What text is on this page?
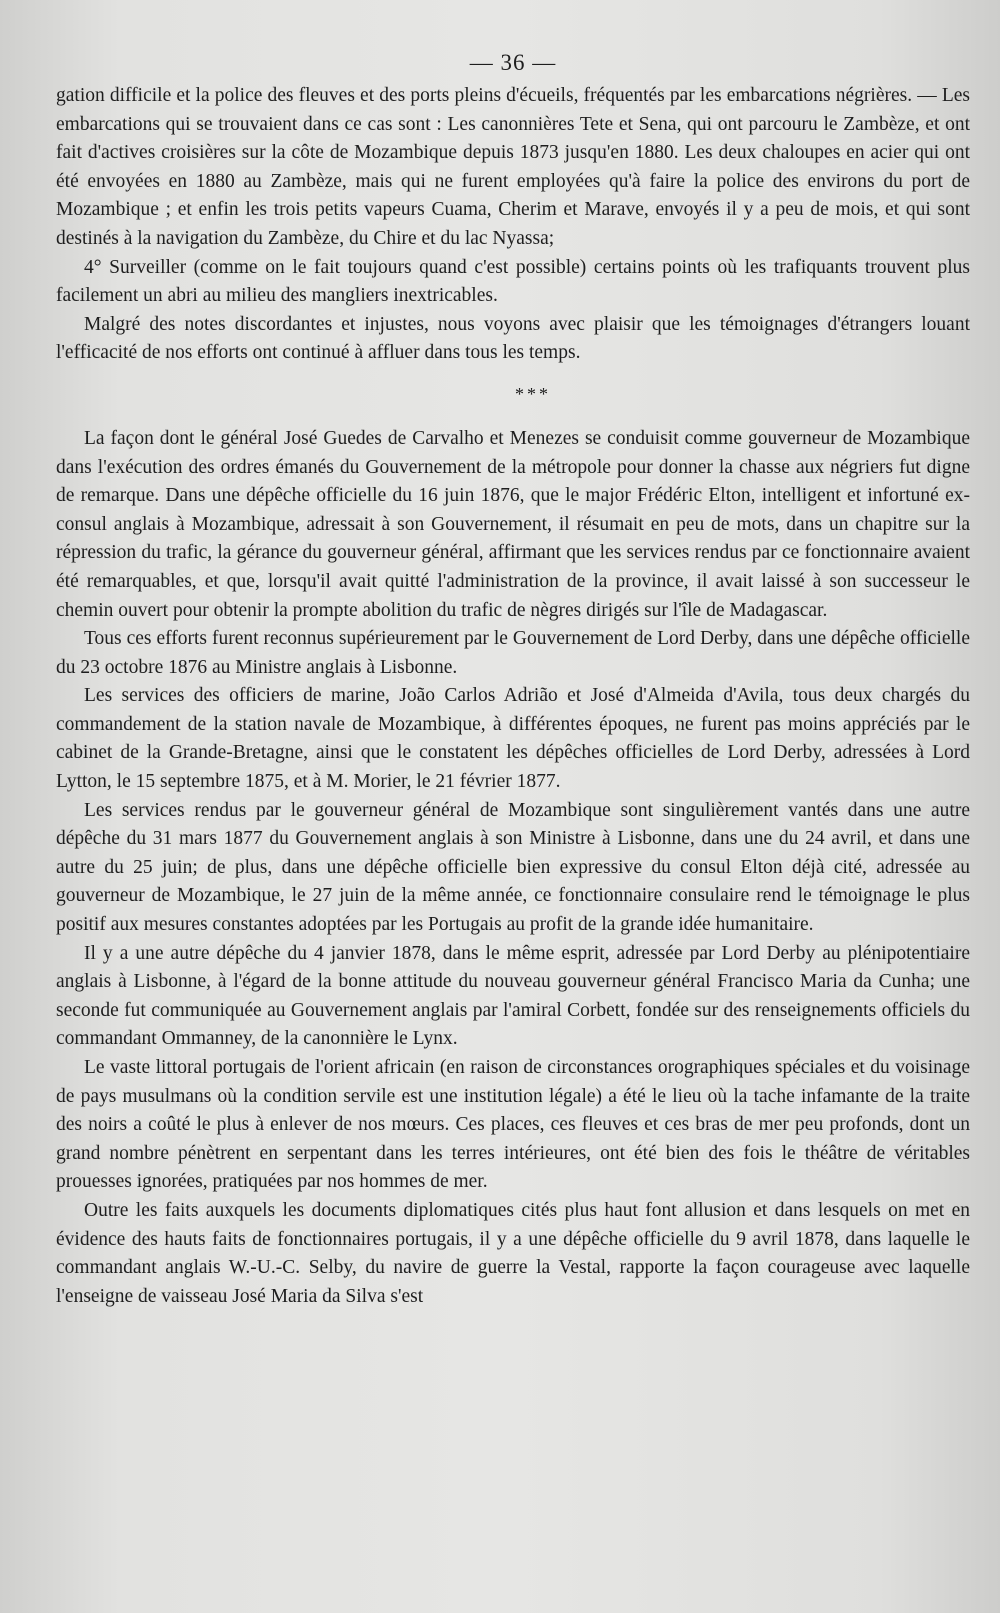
— 36 —

gation difficile et la police des fleuves et des ports pleins d'écueils, fréquentés par les embarcations négrières. — Les embarcations qui se trouvaient dans ce cas sont : Les canonnières Tete et Sena, qui ont parcouru le Zambèze, et ont fait d'actives croisières sur la côte de Mozambique depuis 1873 jusqu'en 1880. Les deux chaloupes en acier qui ont été envoyées en 1880 au Zambèze, mais qui ne furent employées qu'à faire la police des environs du port de Mozambique ; et enfin les trois petits vapeurs Cuama, Cherim et Marave, envoyés il y a peu de mois, et qui sont destinés à la navigation du Zambèze, du Chire et du lac Nyassa;

4° Surveiller (comme on le fait toujours quand c'est possible) certains points où les trafiquants trouvent plus facilement un abri au milieu des mangliers inextricables.

Malgré des notes discordantes et injustes, nous voyons avec plaisir que les témoignages d'étrangers louant l'efficacité de nos efforts ont continué à affluer dans tous les temps.

***

La façon dont le général José Guedes de Carvalho et Menezes se conduisit comme gouverneur de Mozambique dans l'exécution des ordres émanés du Gouvernement de la métropole pour donner la chasse aux négriers fut digne de remarque. Dans une dépêche officielle du 16 juin 1876, que le major Frédéric Elton, intelligent et infortuné ex-consul anglais à Mozambique, adressait à son Gouvernement, il résumait en peu de mots, dans un chapitre sur la répression du trafic, la gérance du gouverneur général, affirmant que les services rendus par ce fonctionnaire avaient été remarquables, et que, lorsqu'il avait quitté l'administration de la province, il avait laissé à son successeur le chemin ouvert pour obtenir la prompte abolition du trafic de nègres dirigés sur l'île de Madagascar.

Tous ces efforts furent reconnus supérieurement par le Gouvernement de Lord Derby, dans une dépêche officielle du 23 octobre 1876 au Ministre anglais à Lisbonne.

Les services des officiers de marine, João Carlos Adrião et José d'Almeida d'Avila, tous deux chargés du commandement de la station navale de Mozambique, à différentes époques, ne furent pas moins appréciés par le cabinet de la Grande-Bretagne, ainsi que le constatent les dépêches officielles de Lord Derby, adressées à Lord Lytton, le 15 septembre 1875, et à M. Morier, le 21 février 1877.

Les services rendus par le gouverneur général de Mozambique sont singulièrement vantés dans une autre dépêche du 31 mars 1877 du Gouvernement anglais à son Ministre à Lisbonne, dans une du 24 avril, et dans une autre du 25 juin; de plus, dans une dépêche officielle bien expressive du consul Elton déjà cité, adressée au gouverneur de Mozambique, le 27 juin de la même année, ce fonctionnaire consulaire rend le témoignage le plus positif aux mesures constantes adoptées par les Portugais au profit de la grande idée humanitaire.

Il y a une autre dépêche du 4 janvier 1878, dans le même esprit, adressée par Lord Derby au plénipotentiaire anglais à Lisbonne, à l'égard de la bonne attitude du nouveau gouverneur général Francisco Maria da Cunha; une seconde fut communiquée au Gouvernement anglais par l'amiral Corbett, fondée sur des renseignements officiels du commandant Ommanney, de la canonnière le Lynx.

Le vaste littoral portugais de l'orient africain (en raison de circonstances orographiques spéciales et du voisinage de pays musulmans où la condition servile est une institution légale) a été le lieu où la tache infamante de la traite des noirs a coûté le plus à enlever de nos mœurs. Ces places, ces fleuves et ces bras de mer peu profonds, dont un grand nombre pénètrent en serpentant dans les terres intérieures, ont été bien des fois le théâtre de véritables prouesses ignorées, pratiquées par nos hommes de mer.

Outre les faits auxquels les documents diplomatiques cités plus haut font allusion et dans lesquels on met en évidence des hauts faits de fonctionnaires portugais, il y a une dépêche officielle du 9 avril 1878, dans laquelle le commandant anglais W.-U.-C. Selby, du navire de guerre la Vestal, rapporte la façon courageuse avec laquelle l'enseigne de vaisseau José Maria da Silva s'est
